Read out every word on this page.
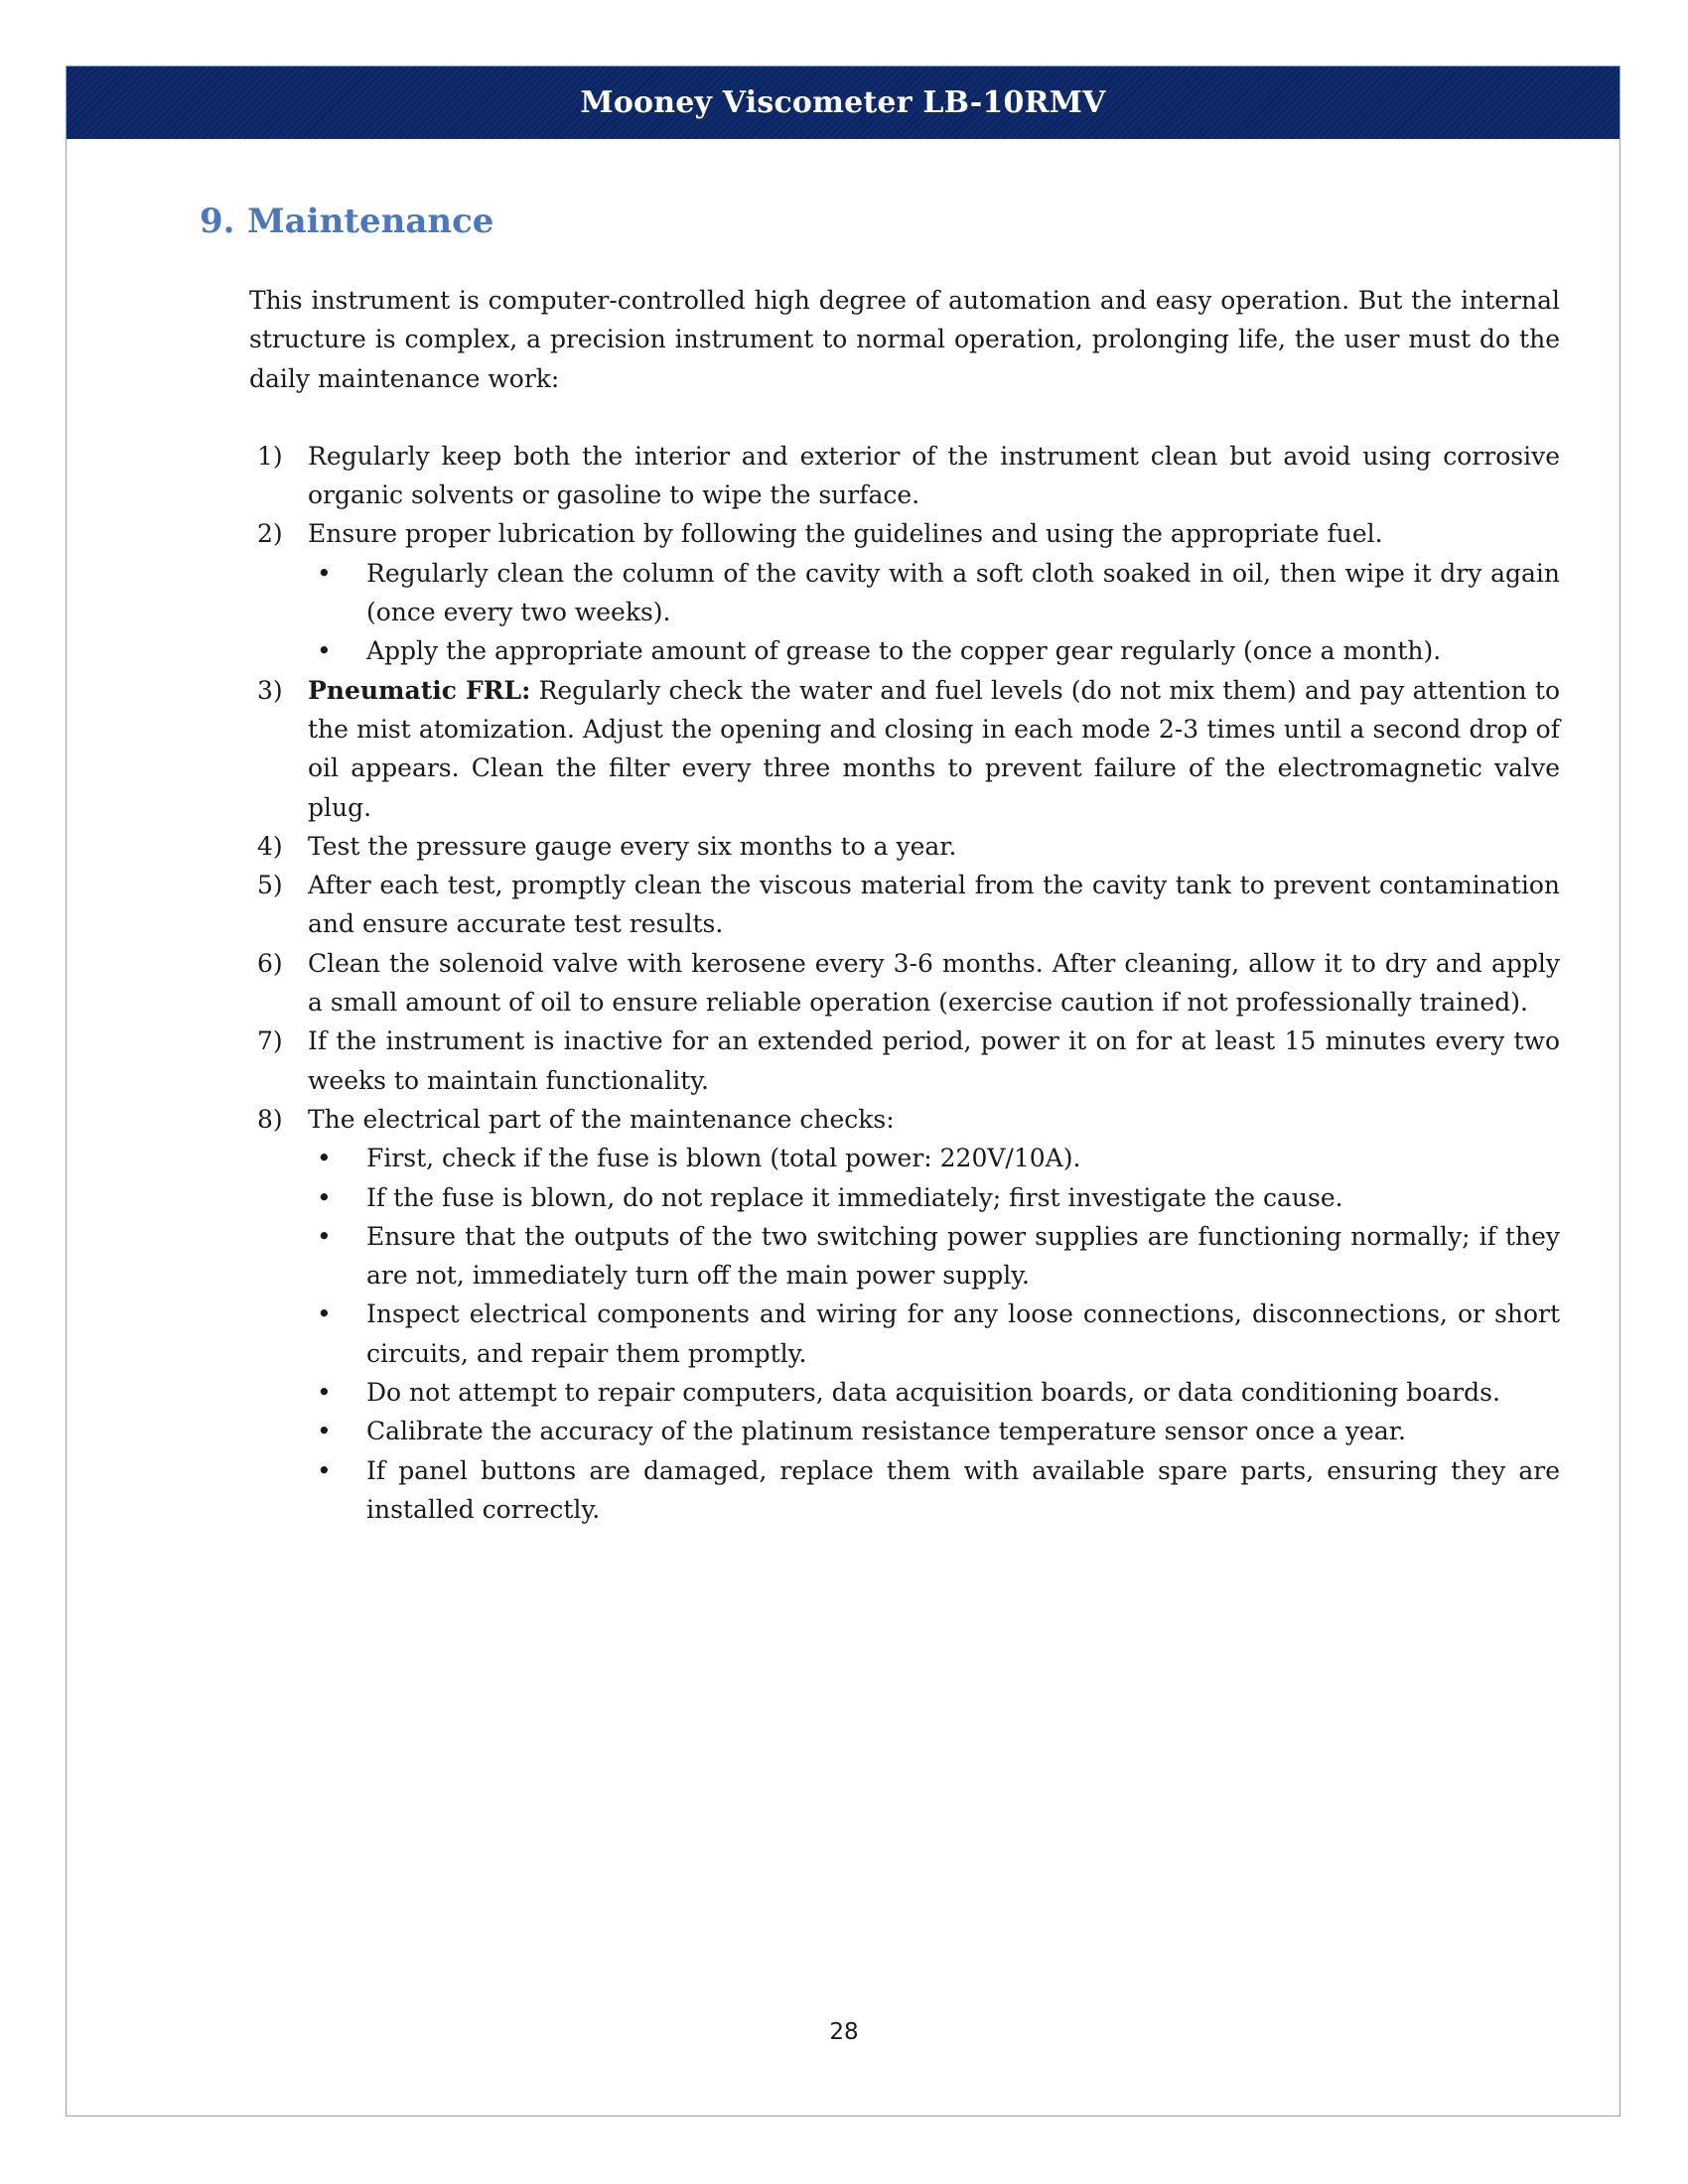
Mooney Viscometer LB-10RMV
9. Maintenance

This instrument is computer-controlled high degree of automation and easy operation. But the internal structure is complex, a precision instrument to normal operation, prolonging life, the user must do the daily maintenance work:

1) Regularly keep both the interior and exterior of the instrument clean but avoid using corrosive organic solvents or gasoline to wipe the surface.
2) Ensure proper lubrication by following the guidelines and using the appropriate fuel.
• Regularly clean the column of the cavity with a soft cloth soaked in oil, then wipe it dry again (once every two weeks).
• Apply the appropriate amount of grease to the copper gear regularly (once a month).
3) Pneumatic FRL: Regularly check the water and fuel levels (do not mix them) and pay attention to the mist atomization. Adjust the opening and closing in each mode 2-3 times until a second drop of oil appears. Clean the filter every three months to prevent failure of the electromagnetic valve plug.
4) Test the pressure gauge every six months to a year.
5) After each test, promptly clean the viscous material from the cavity tank to prevent contamination and ensure accurate test results.
6) Clean the solenoid valve with kerosene every 3-6 months. After cleaning, allow it to dry and apply a small amount of oil to ensure reliable operation (exercise caution if not professionally trained).
7) If the instrument is inactive for an extended period, power it on for at least 15 minutes every two weeks to maintain functionality.
8) The electrical part of the maintenance checks:
• First, check if the fuse is blown (total power: 220V/10A).
• If the fuse is blown, do not replace it immediately; first investigate the cause.
• Ensure that the outputs of the two switching power supplies are functioning normally; if they are not, immediately turn off the main power supply.
• Inspect electrical components and wiring for any loose connections, disconnections, or short circuits, and repair them promptly.
• Do not attempt to repair computers, data acquisition boards, or data conditioning boards.
• Calibrate the accuracy of the platinum resistance temperature sensor once a year.
• If panel buttons are damaged, replace them with available spare parts, ensuring they are installed correctly.
28
